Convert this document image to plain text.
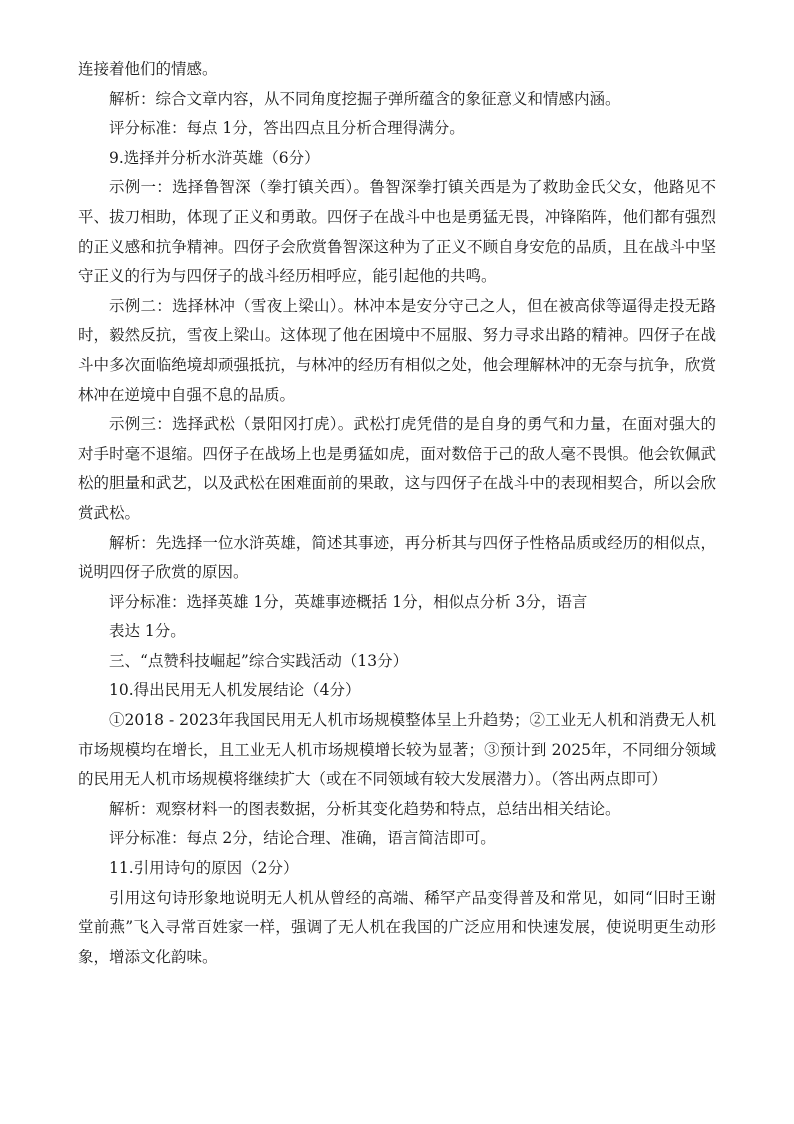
连接着他们的情感。

解析：综合文章内容，从不同角度挖掘子弹所蕴含的象征意义和情感内涵。

评分标准：每点 1分，答出四点且分析合理得满分。

9.选择并分析水浒英雄（6分）

示例一：选择鲁智深（拳打镇关西）。鲁智深拳打镇关西是为了救助金氏父女，他路见不平、拔刀相助，体现了正义和勇敢。四伢子在战斗中也是勇猛无畏，冲锋陷阵，他们都有强烈的正义感和抗争精神。四伢子会欣赏鲁智深这种为了正义不顾自身安危的品质，且在战斗中坚守正义的行为与四伢子的战斗经历相呼应，能引起他的共鸣。

示例二：选择林冲（雪夜上梁山）。林冲本是安分守己之人，但在被高俅等逼得走投无路时，毅然反抗，雪夜上梁山。这体现了他在困境中不屈服、努力寻求出路的精神。四伢子在战斗中多次面临绝境却顽强抵抗，与林冲的经历有相似之处，他会理解林冲的无奈与抗争，欣赏林冲在逆境中自强不息的品质。

示例三：选择武松（景阳冈打虎）。武松打虎凭借的是自身的勇气和力量，在面对强大的对手时毫不退缩。四伢子在战场上也是勇猛如虎，面对数倍于己的敌人毫不畏惧。他会钦佩武松的胆量和武艺，以及武松在困难面前的果敢，这与四伢子在战斗中的表现相契合，所以会欣赏武松。

解析：先选择一位水浒英雄，简述其事迹，再分析其与四伢子性格品质或经历的相似点，说明四伢子欣赏的原因。

评分标准：选择英雄 1分，英雄事迹概括 1分，相似点分析 3分，语言

表达 1分。

三、“点赞科技崛起”综合实践活动（13分）

10.得出民用无人机发展结论（4分）

①2018 - 2023年我国民用无人机市场规模整体呈上升趋势；②工业无人机和消费无人机市场规模均在增长，且工业无人机市场规模增长较为显著；③预计到 2025年，不同细分领域的民用无人机市场规模将继续扩大（或在不同领域有较大发展潜力）。（答出两点即可）

解析：观察材料一的图表数据，分析其变化趋势和特点，总结出相关结论。

评分标准：每点 2分，结论合理、准确，语言简洁即可。

11.引用诗句的原因（2分）

引用这句诗形象地说明无人机从曾经的高端、稀罕产品变得普及和常见，如同“旧时王谢堂前燕”飞入寻常百姓家一样，强调了无人机在我国的广泛应用和快速发展，使说明更生动形象，增添文化韵味。
